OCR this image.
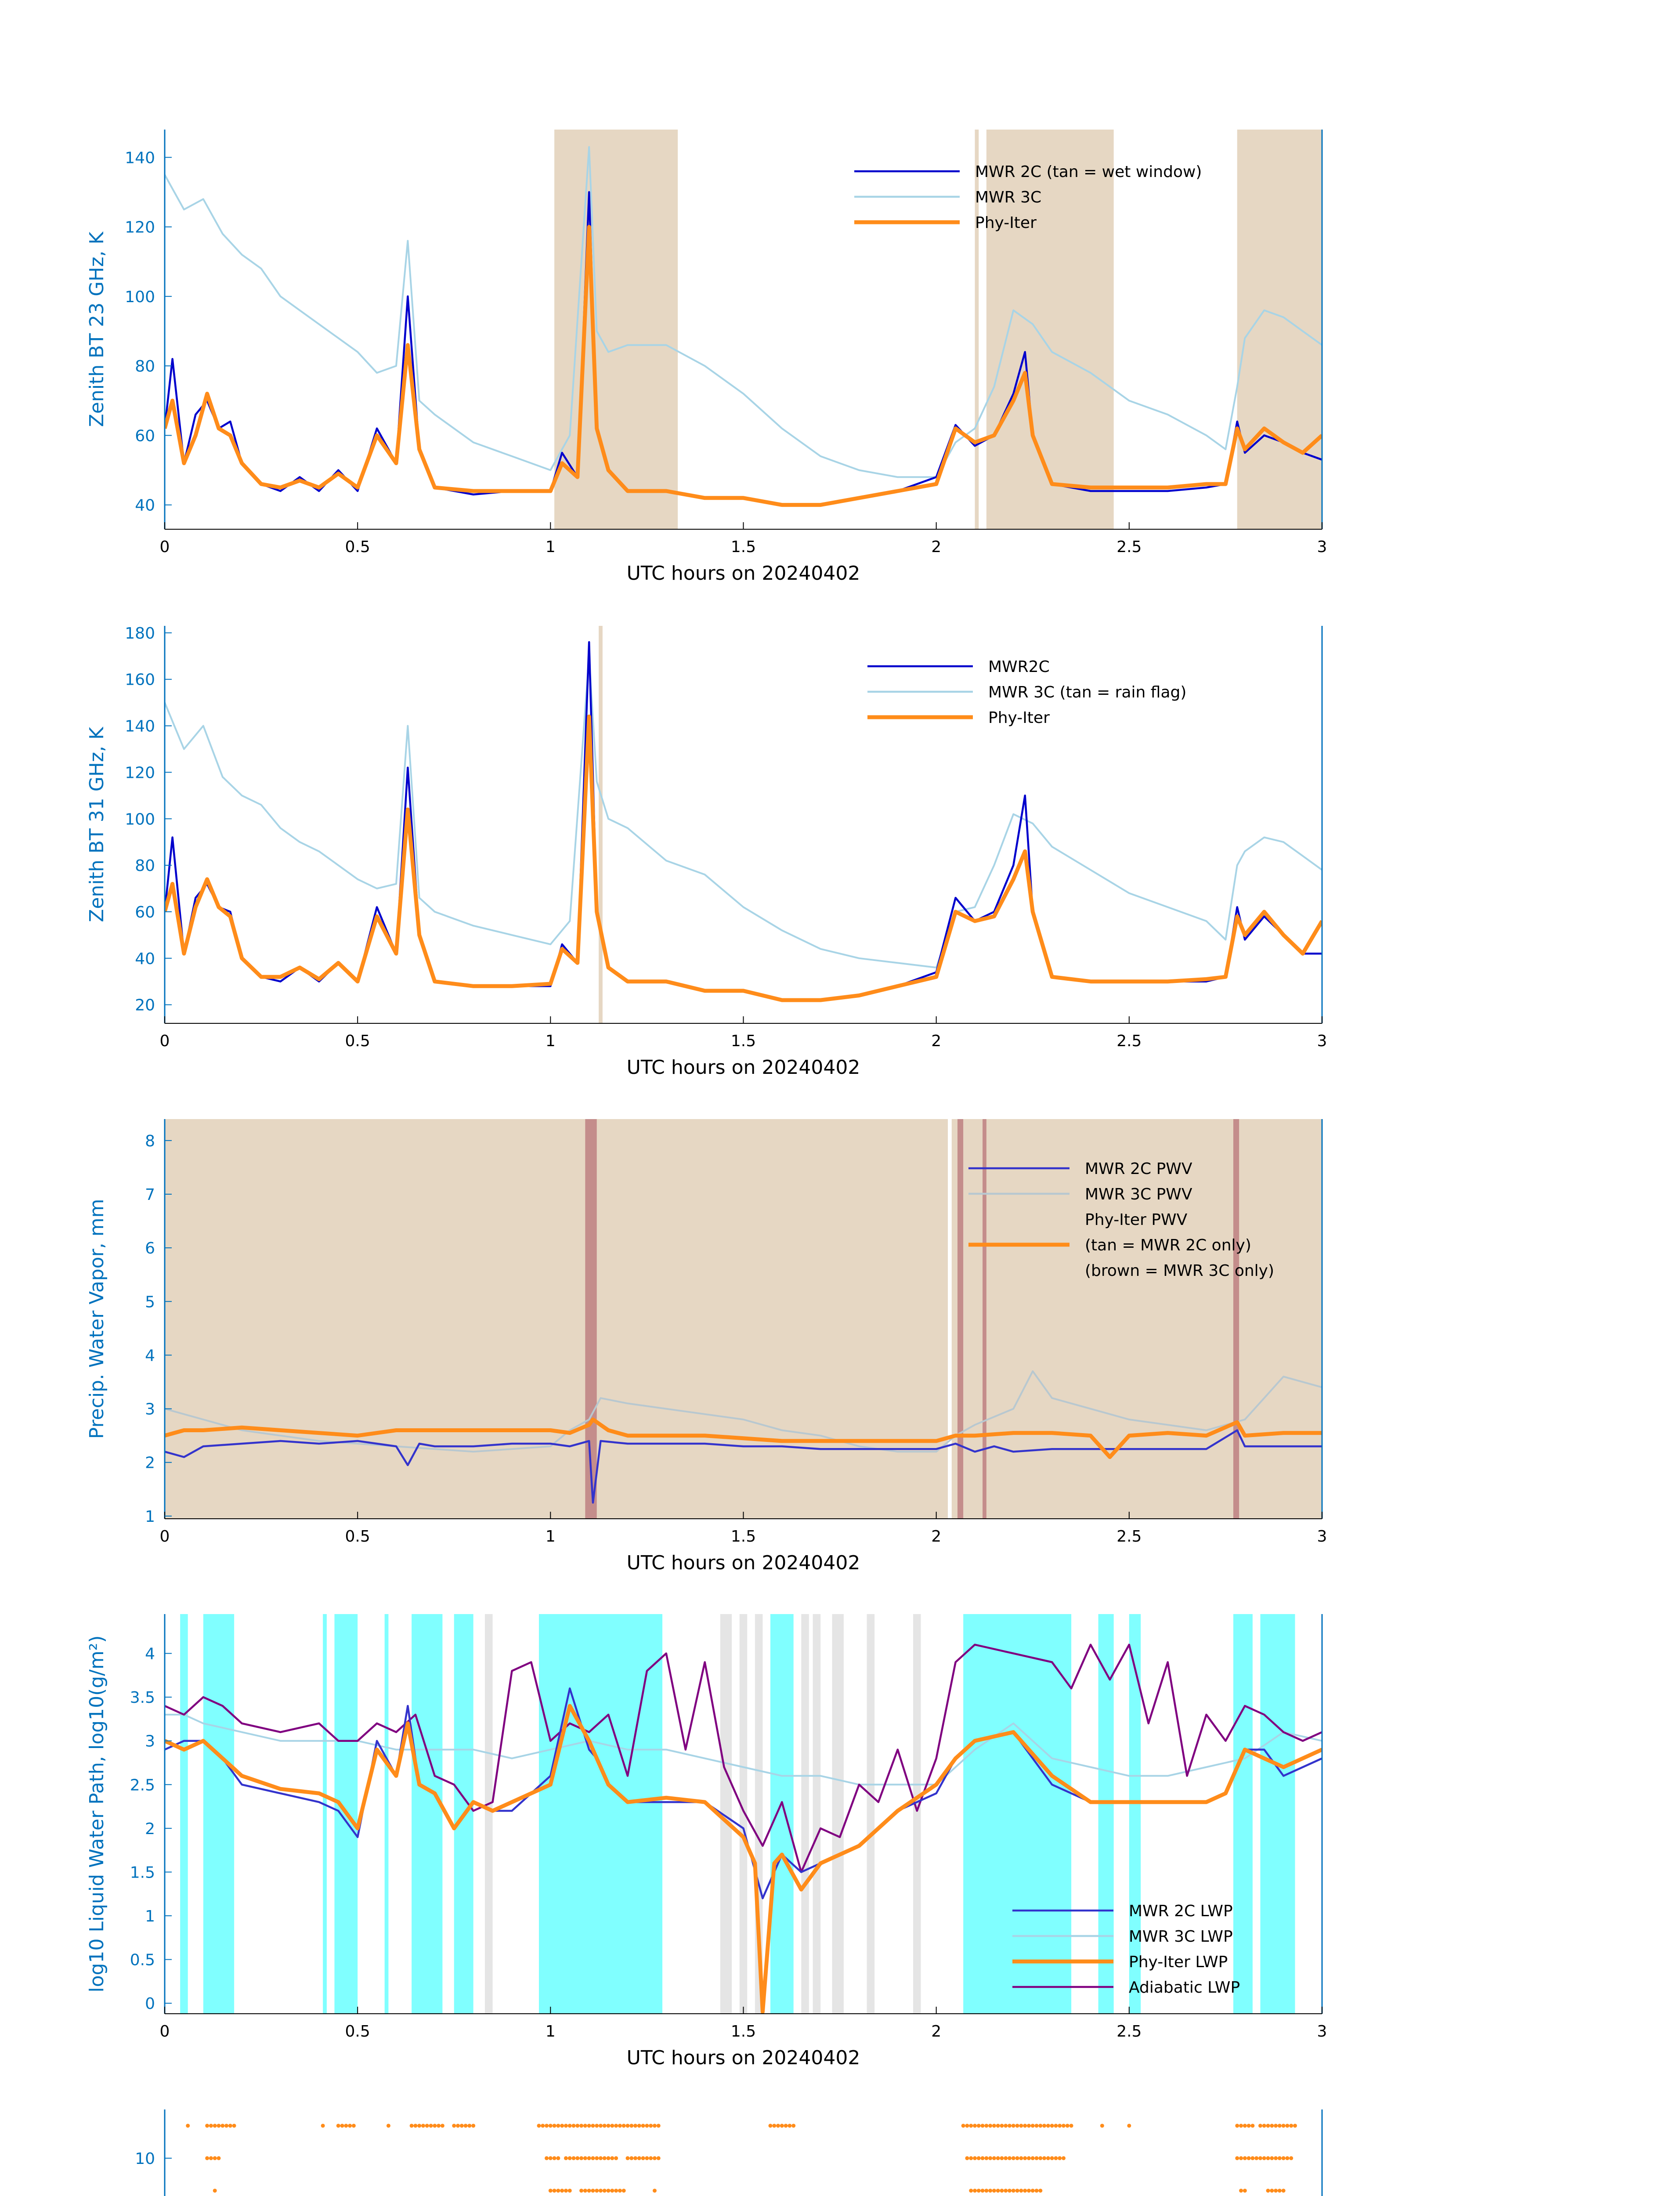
0	0.5	1	1.5	2	2.5	3
40
60
80
100
120
140
UTC hours on 20240402
Zenith BT 23 GHz, K
MWR 2C (tan = wet window)
MWR 3C
Phy-Iter
0	0.5	1	1.5	2	2.5	3
20
40
60
80
100
120
140
160
180
UTC hours on 20240402
Zenith BT 31 GHz, K
MWR2C
MWR 3C (tan = rain flag)
Phy-Iter
0	0.5	1	1.5	2	2.5	3
1
2
3
4
5
6
7
8
UTC hours on 20240402
Precip. Water Vapor, mm
MWR 2C PWV
MWR 3C PWV
Phy-Iter PWV
(tan = MWR 2C only)
(brown = MWR 3C only)
0	0.5	1	1.5	2	2.5	3
0
0.5
1
1.5
2
2.5
3
3.5
4
UTC hours on 20240402
log10 Liquid Water Path, log10(g/m²)	MWR 2C LWP
MWR 3C LWP
Phy-Iter LWP
Adiabatic LWP
10
